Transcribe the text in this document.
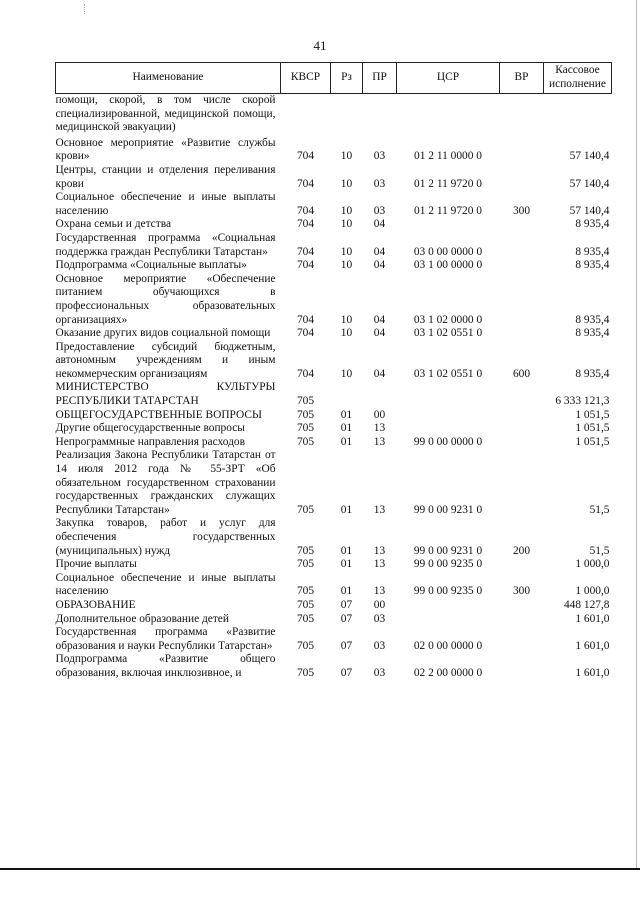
41
Наименование	КВСР	Рз	ПР	ЦСР	ВР	Кассовое исполнение
помощи, скорой, в том числе скорой специализированной, медицинской помощи, медицинской эвакуации)						
Основное мероприятие «Развитие службы крови»	704	10	03	01 2 11 0000 0		57 140,4
Центры, станции и отделения переливания крови	704	10	03	01 2 11 9720 0		57 140,4
Социальное обеспечение и иные выплаты населению	704	10	03	01 2 11 9720 0	300	57 140,4
Охрана семьи и детства	704	10	04			8 935,4
Государственная программа «Социальная поддержка граждан Республики Татарстан»	704	10	04	03 0 00 0000 0		8 935,4
Подпрограмма «Социальные выплаты»	704	10	04	03 1 00 0000 0		8 935,4
Основное мероприятие «Обеспечение питанием обучающихся в профессиональных образовательных организациях»	704	10	04	03 1 02 0000 0		8 935,4
Оказание других видов социальной помощи	704	10	04	03 1 02 0551 0		8 935,4
Предоставление субсидий бюджетным, автономным учреждениям и иным некоммерческим организациям	704	10	04	03 1 02 0551 0	600	8 935,4
МИНИСТЕРСТВО КУЛЬТУРЫ РЕСПУБЛИКИ ТАТАРСТАН	705					6 333 121,3
ОБЩЕГОСУДАРСТВЕННЫЕ ВОПРОСЫ	705	01	00			1 051,5
Другие общегосударственные вопросы	705	01	13			1 051,5
Непрограммные направления расходов	705	01	13	99 0 00 0000 0		1 051,5
Реализация Закона Республики Татарстан от 14 июля 2012 года № 55-ЗРТ «Об обязательном государственном страховании государственных гражданских служащих Республики Татарстан»	705	01	13	99 0 00 9231 0		51,5
Закупка товаров, работ и услуг для обеспечения государственных (муниципальных) нужд	705	01	13	99 0 00 9231 0	200	51,5
Прочие выплаты	705	01	13	99 0 00 9235 0		1 000,0
Социальное обеспечение и иные выплаты населению	705	01	13	99 0 00 9235 0	300	1 000,0
ОБРАЗОВАНИЕ	705	07	00			448 127,8
Дополнительное образование детей	705	07	03			1 601,0
Государственная программа «Развитие образования и науки Республики Татарстан»	705	07	03	02 0 00 0000 0		1 601,0
Подпрограмма «Развитие общего образования, включая инклюзивное, и	705	07	03	02 2 00 0000 0		1 601,0
